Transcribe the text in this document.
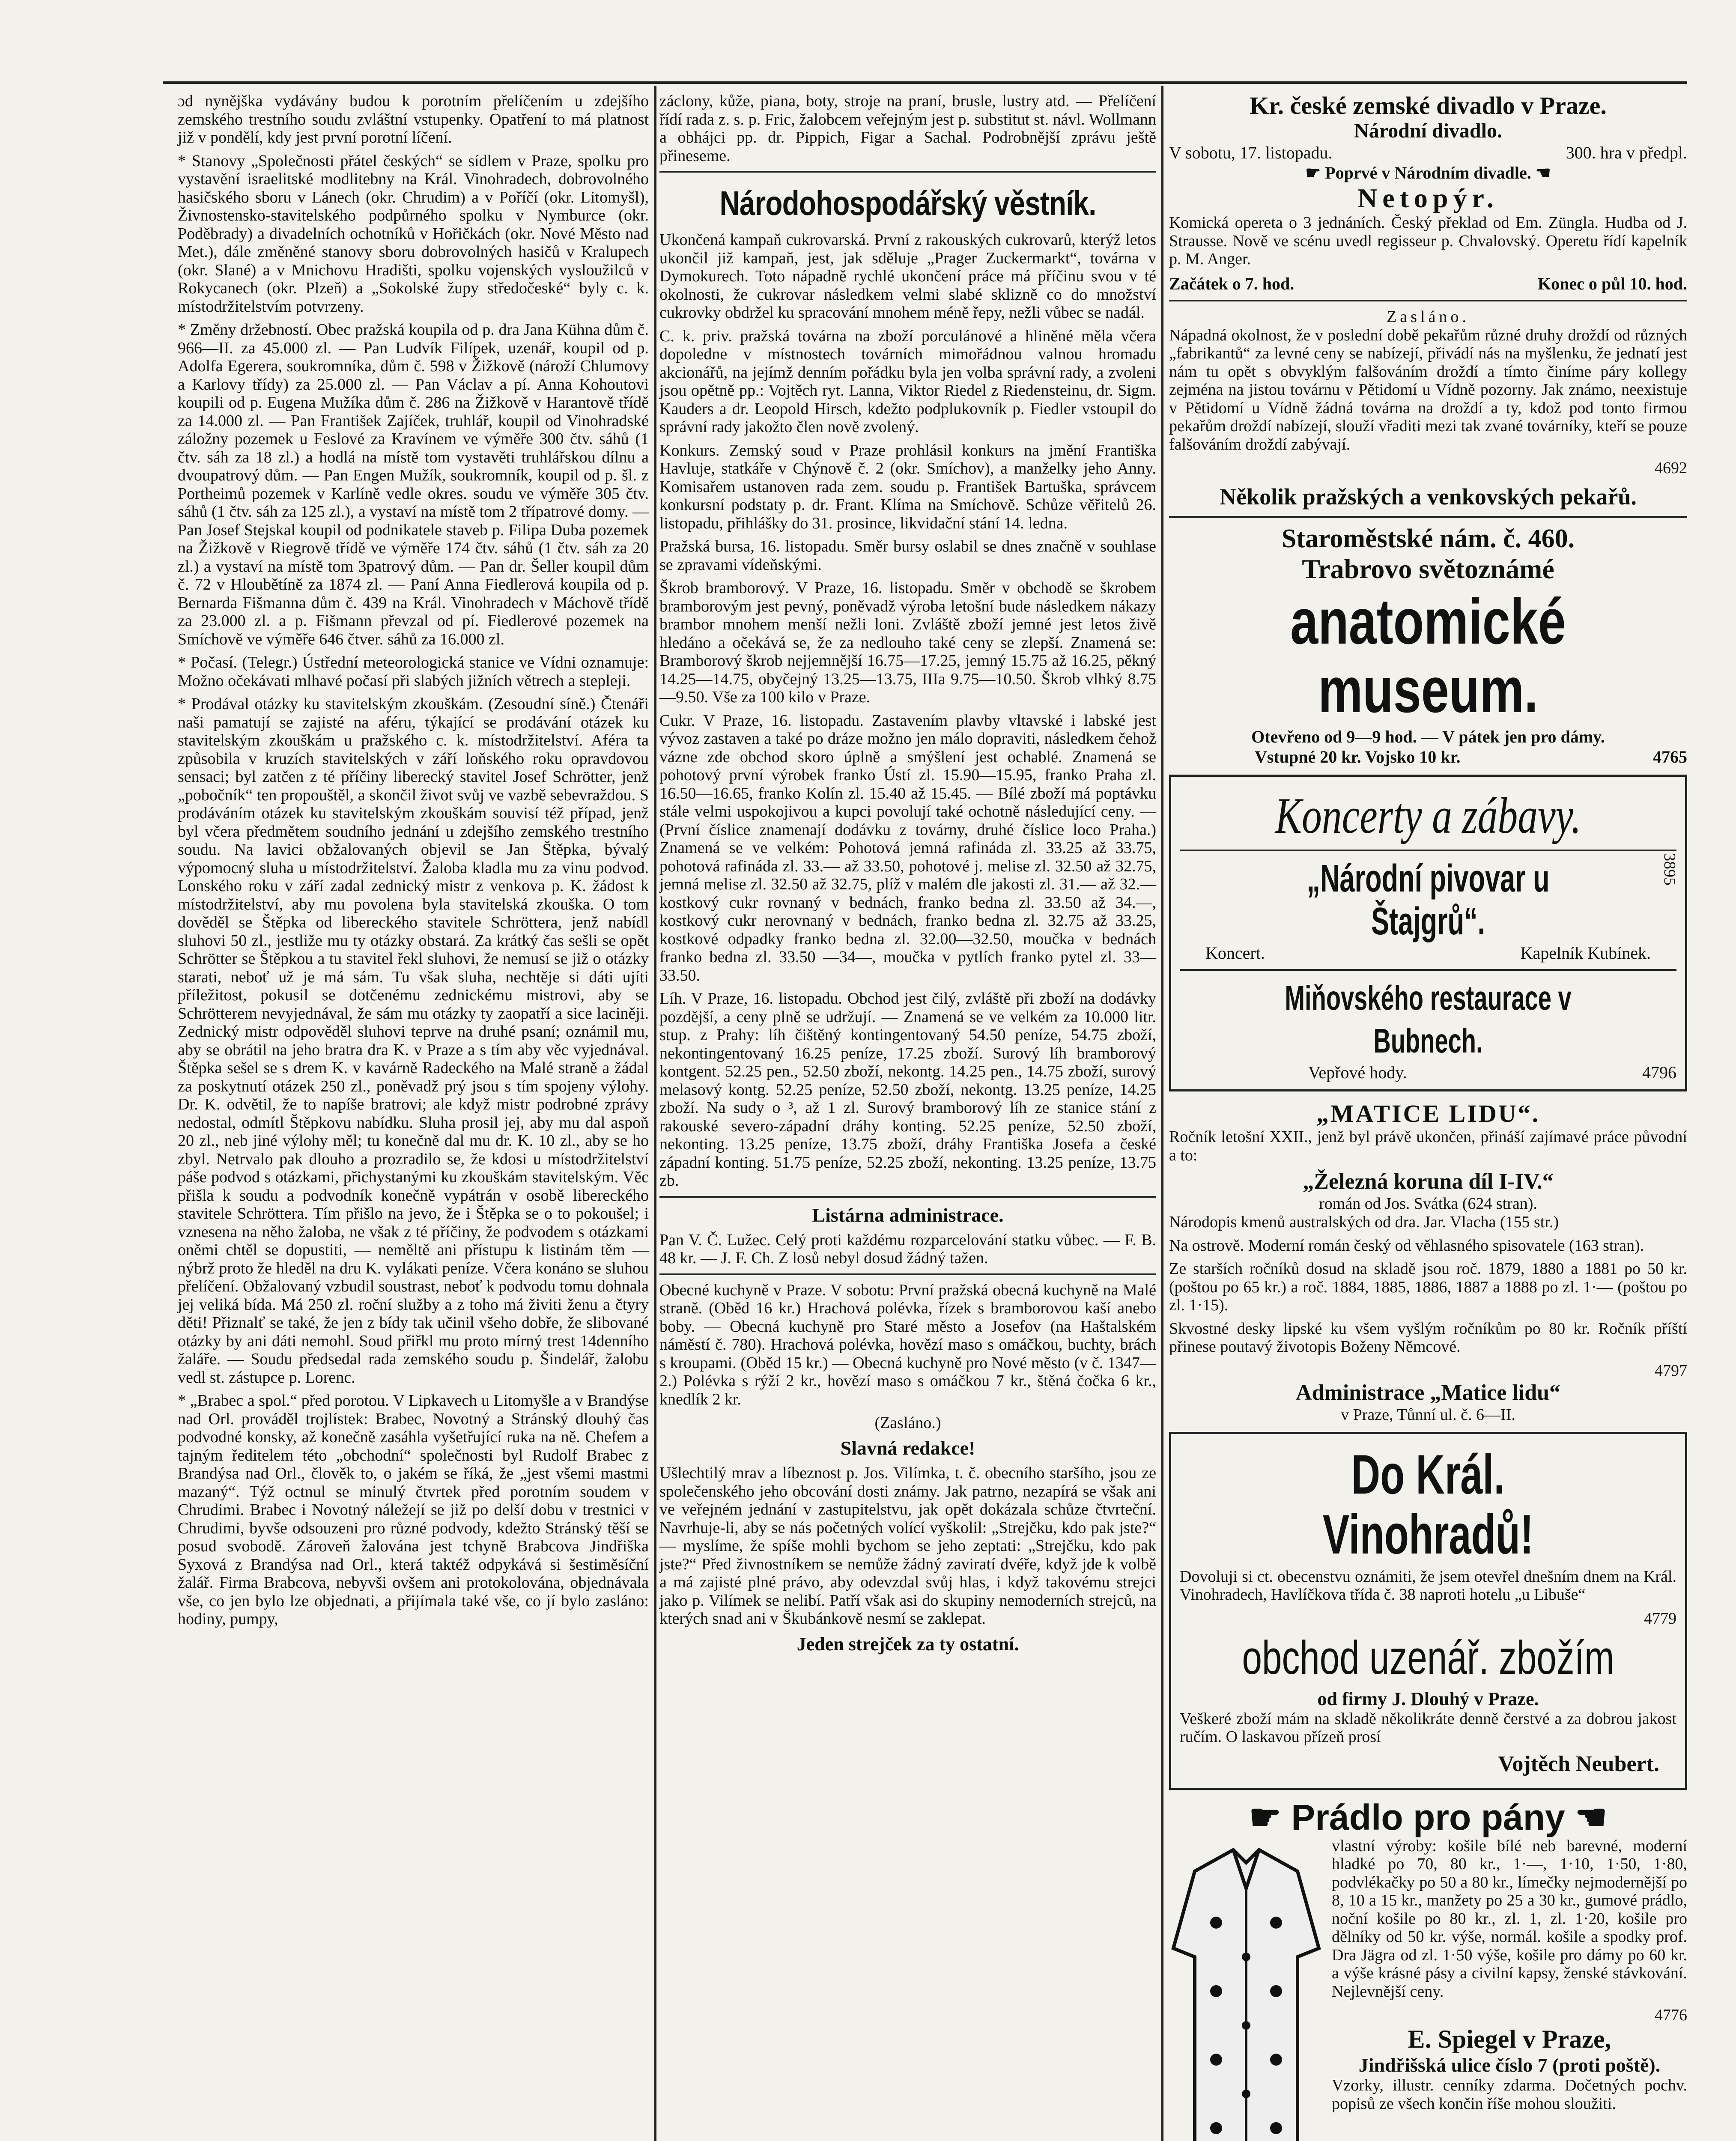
ɔd nynějška vydávány budou k porotním přelíčením u zdejšího zemského trestního soudu zvláštní vstupenky. Opatření to má platnost již v pondělí, kdy jest první porotní líčení.

* Stanovy „Společnosti přátel českých“ se sídlem v Praze, spolku pro vystavění israelitské modlitebny na Král. Vinohradech, dobrovolného hasičského sboru v Lánech (okr. Chrudim) a v Poříčí (okr. Litomyšl), Živnostensko-stavitelského podpůrného spolku v Nymburce (okr. Poděbrady) a divadelních ochotníků v Hořičkách (okr. Nové Město nad Met.), dále změněné stanovy sboru dobrovolných hasičů v Kralupech (okr. Slané) a v Mnichovu Hradišti, spolku vojenských vysloužilců v Rokycanech (okr. Plzeň) a „Sokolské župy středočeské“ byly c. k. místodržitelstvím potvrzeny.

* Změny držebností. Obec pražská koupila od p. dra Jana Kühna dům č. 966—II. za 45.000 zl. — Pan Ludvík Filípek, uzenář, koupil od p. Adolfa Egerera, soukromníka, dům č. 598 v Žižkově (nároží Chlumovy a Karlovy třídy) za 25.000 zl. — Pan Václav a pí. Anna Kohoutovi koupili od p. Eugena Mužíka dům č. 286 na Žižkově v Harantově třídě za 14.000 zl. — Pan František Zajíček, truhlář, koupil od Vinohradské záložny pozemek u Feslové za Kravínem ve výměře 300 čtv. sáhů (1 čtv. sáh za 18 zl.) a hodlá na místě tom vystavěti truhlářskou dílnu a dvoupatrový dům. — Pan Engen Mužík, soukromník, koupil od p. šl. z Portheimů pozemek v Karlíně vedle okres. soudu ve výměře 305 čtv. sáhů (1 čtv. sáh za 125 zl.), a vystaví na místě tom 2 třípatrové domy. — Pan Josef Stejskal koupil od podnikatele staveb p. Filipa Duba pozemek na Žižkově v Riegrově třídě ve výměře 174 čtv. sáhů (1 čtv. sáh za 20 zl.) a vystaví na místě tom 3patrový dům. — Pan dr. Šeller koupil dům č. 72 v Hloubětíně za 1874 zl. — Paní Anna Fiedlerová koupila od p. Bernarda Fišmanna dům č. 439 na Král. Vinohradech v Máchově třídě za 23.000 zl. a p. Fišmann převzal od pí. Fiedlerové pozemek na Smíchově ve výměře 646 čtver. sáhů za 16.000 zl.

* Počasí. (Telegr.) Ústřední meteorologická stanice ve Vídni oznamuje: Možno očekávati mlhavé počasí při slabých jižních větrech a stepleji.

* Prodával otázky ku stavitelským zkouškám. (Zesoudní síně.) Čtenáři naši pamatují se zajisté na aféru, týkající se prodávání otázek ku stavitelským zkouškám u pražského c. k. místodržitelství. Aféra ta způsobila v kruzích stavitelských v září loňského roku opravdovou sensaci; byl zatčen z té příčiny liberecký stavitel Josef Schrötter, jenž „pobočník“ ten propouštěl, a skončil život svůj ve vazbě sebevraždou. S prodáváním otázek ku stavitelským zkouškám souvisí též případ, jenž byl včera předmětem soudního jednání u zdejšího zemského trestního soudu. Na lavici obžalovaných objevil se Jan Štěpka, bývalý výpomocný sluha u místodržitelství. Žaloba kladla mu za vinu podvod. Lonského roku v září zadal zednický mistr z venkova p. K. žádost k místodržitelství, aby mu povolena byla stavitelská zkouška. O tom dověděl se Štěpka od libereckého stavitele Schröttera, jenž nabídl sluhovi 50 zl., jestliže mu ty otázky obstará. Za krátký čas sešli se opět Schrötter se Štěpkou a tu stavitel řekl sluhovi, že nemusí se již o otázky starati, neboť už je má sám. Tu však sluha, nechtěje si dáti ujíti příležitost, pokusil se dotčenému zednickému mistrovi, aby se Schrötterem nevyjednával, že sám mu otázky ty zaopatří a sice laciněji. Zednický mistr odpověděl sluhovi teprve na druhé psaní; oznámil mu, aby se obrátil na jeho bratra dra K. v Praze a s tím aby věc vyjednával. Štěpka sešel se s drem K. v kavárně Radeckého na Malé straně a žádal za poskytnutí otázek 250 zl., poněvadž prý jsou s tím spojeny výlohy. Dr. K. odvětil, že to napíše bratrovi; ale když mistr podrobné zprávy nedostal, odmítl Štěpkovu nabídku. Sluha prosil jej, aby mu dal aspoň 20 zl., neb jiné výlohy měl; tu konečně dal mu dr. K. 10 zl., aby se ho zbyl. Netrvalo pak dlouho a prozradilo se, že kdosi u místodržitelství páše podvod s otázkami, přichystanými ku zkouškám stavitelským. Věc přišla k soudu a podvodník konečně vypátrán v osobě libereckého stavitele Schröttera. Tím přišlo na jevo, že i Štěpka se o to pokoušel; i vznesena na něho žaloba, ne však z té příčiny, že podvodem s otázkami oněmi chtěl se dopustiti, — neměltě ani přístupu k listinám těm — nýbrž proto že hleděl na dru K. vylákati peníze. Včera konáno se sluhou přelíčení. Obžalovaný vzbudil soustrast, neboť k podvodu tomu dohnala jej veliká bída. Má 250 zl. roční služby a z toho má živiti ženu a čtyry děti! Přiznalť se také, že jen z bídy tak učinil všeho dobře, že slibované otázky by ani dáti nemohl. Soud přiřkl mu proto mírný trest 14denního žaláře. — Soudu předsedal rada zemského soudu p. Šindelář, žalobu vedl st. zástupce p. Lorenc.

* „Brabec a spol.“ před porotou. V Lipkavech u Litomyšle a v Brandýse nad Orl. prováděl trojlístek: Brabec, Novotný a Stránský dlouhý čas podvodné konsky, až konečně zasáhla vyšetřující ruka na ně. Chefem a tajným ředitelem této „obchodní“ společnosti byl Rudolf Brabec z Brandýsa nad Orl., člověk to, o jakém se říká, že „jest všemi mastmi mazaný“. Týž octnul se minulý čtvrtek před porotním soudem v Chrudimi. Brabec i Novotný náležejí se již po delší dobu v trestnici v Chrudimi, byvše odsouzeni pro různé podvody, kdežto Stránský těší se posud svobodě. Zároveň žalována jest tchyně Brabcova Jindřiška Syxová z Brandýsa nad Orl., která taktéž odpykává si šestiměsíční žalář. Firma Brabcova, nebyvši ovšem ani protokolována, objednávala vše, co jen bylo lze objednati, a přijímala také vše, co jí bylo zasláno: hodiny, pumpy,

záclony, kůže, piana, boty, stroje na praní, brusle, lustry atd. — Přelíčení řídí rada z. s. p. Fric, žalobcem veřejným jest p. substitut st. návl. Wollmann a obhájci pp. dr. Pippich, Figar a Sachal. Podrobnější zprávu ještě přineseme.

Národohospodářský věstník.

Ukončená kampaň cukrovarská. První z rakouských cukrovarů, kterýž letos ukončil již kampaň, jest, jak sděluje „Prager Zuckermarkt“, továrna v Dymokurech. Toto nápadně rychlé ukončení práce má příčinu svou v té okolnosti, že cukrovar následkem velmi slabé sklizně co do množství cukrovky obdržel ku spracování mnohem méně řepy, nežli vůbec se nadál.

C. k. priv. pražská továrna na zboží porculánové a hliněné měla včera dopoledne v místnostech továrních mimořádnou valnou hromadu akcionářů, na jejímž denním pořádku byla jen volba správní rady, a zvoleni jsou opětně pp.: Vojtěch ryt. Lanna, Viktor Riedel z Riedensteinu, dr. Sigm. Kauders a dr. Leopold Hirsch, kdežto podplukovník p. Fiedler vstoupil do správní rady jakožto člen nově zvolený.

Konkurs. Zemský soud v Praze prohlásil konkurs na jmění Františka Havluje, statkáře v Chýnově č. 2 (okr. Smíchov), a manželky jeho Anny. Komisařem ustanoven rada zem. soudu p. František Bartuška, správcem konkursní podstaty p. dr. Frant. Klíma na Smíchově. Schůze věřitelů 26. listopadu, přihlášky do 31. prosince, likvidační stání 14. ledna.

Pražská bursa, 16. listopadu. Směr bursy oslabil se dnes značně v souhlase se zpravami vídeňskými.

Škrob bramborový. V Praze, 16. listopadu. Směr v obchodě se škrobem bramborovým jest pevný, poněvadž výroba letošní bude následkem nákazy brambor mnohem menší nežli loni. Zvláště zboží jemné jest letos živě hledáno a očekává se, že za nedlouho také ceny se zlepší. Znamená se: Bramborový škrob nejjemnější 16.75—17.25, jemný 15.75 až 16.25, pěkný 14.25—14.75, obyčejný 13.25—13.75, IIIa 9.75—10.50. Škrob vlhký 8.75—9.50. Vše za 100 kilo v Praze.

Cukr. V Praze, 16. listopadu. Zastavením plavby vltavské i labské jest vývoz zastaven a také po dráze možno jen málo dopraviti, následkem čehož vázne zde obchod skoro úplně a smýšlení jest ochablé. Znamená se pohotový první výrobek franko Ústí zl. 15.90—15.95, franko Praha zl. 16.50—16.65, franko Kolín zl. 15.40 až 15.45. — Bílé zboží má poptávku stále velmi uspokojivou a kupci povolují také ochotně následující ceny. — (První číslice znamenají dodávku z továrny, druhé číslice loco Praha.) Znamená se ve velkém: Pohotová jemná rafináda zl. 33.25 až 33.75, pohotová rafináda zl. 33.— až 33.50, pohotové j. melise zl. 32.50 až 32.75, jemná melise zl. 32.50 až 32.75, plíž v malém dle jakosti zl. 31.— až 32.— kostkový cukr rovnaný v bednách, franko bedna zl. 33.50 až 34.—, kostkový cukr nerovnaný v bednách, franko bedna zl. 32.75 až 33.25, kostkové odpadky franko bedna zl. 32.00—32.50, moučka v bednách franko bedna zl. 33.50 —34—, moučka v pytlích franko pytel zl. 33—33.50.

Líh. V Praze, 16. listopadu. Obchod jest čilý, zvláště při zboží na dodávky pozdější, a ceny plně se udržují. — Znamená se ve velkém za 10.000 litr. stup. z Prahy: líh čištěný kontingentovaný 54.50 peníze, 54.75 zboží, nekontingentovaný 16.25 peníze, 17.25 zboží. Surový líh bramborový kontgent. 52.25 pen., 52.50 zboží, nekontg. 14.25 pen., 14.75 zboží, surový melasový kontg. 52.25 peníze, 52.50 zboží, nekontg. 13.25 peníze, 14.25 zboží. Na sudy o ³, až 1 zl. Surový bramborový líh ze stanice stání z rakouské severo-západní dráhy konting. 52.25 peníze, 52.50 zboží, nekonting. 13.25 peníze, 13.75 zboží, dráhy Františka Josefa a české západní konting. 51.75 peníze, 52.25 zboží, nekonting. 13.25 peníze, 13.75 zb.

Listárna administrace.

Pan V. Č. Lužec. Celý proti každému rozparcelování statku vůbec. — F. B. 48 kr. — J. F. Ch. Z losů nebyl dosud žádný tažen.

Obecné kuchyně v Praze. V sobotu: První pražská obecná kuchyně na Malé straně. (Oběd 16 kr.) Hrachová polévka, řízek s bramborovou kaší anebo boby. — Obecná kuchyně pro Staré město a Josefov (na Haštalském náměstí č. 780). Hrachová polévka, hovězí maso s omáčkou, buchty, brách s kroupami. (Oběd 15 kr.) — Obecná kuchyně pro Nové město (v č. 1347—2.) Polévka s rýží 2 kr., hovězí maso s omáčkou 7 kr., štěná čočka 6 kr., knedlík 2 kr.

(Zasláno.)
Slavná redakce!

Ušlechtilý mrav a líbeznost p. Jos. Vilímka, t. č. obecního staršího, jsou ze společenského jeho obcování dosti známy. Jak patrno, nezapírá se však ani ve veřejném jednání v zastupitelstvu, jak opět dokázala schůze čtvrteční. Navrhuje-li, aby se nás početných volící vyškolil: „Strejčku, kdo pak jste?“ — myslíme, že spíše mohli bychom se jeho zeptati: „Strejčku, kdo pak jste?“ Před živnostníkem se nemůže žádný zaviratí dvéře, když jde k volbě a má zajisté plné právo, aby odevzdal svůj hlas, i když takovému strejci jako p. Vilímek se nelibí. Patří však asi do skupiny nemoderních strejců, na kterých snad ani v Škubánkově nesmí se zaklepat.

Jeden strejček za ty ostatní.
Kr. české zemské divadlo v Praze.
Národní divadlo.
V sobotu, 17. listopadu.	300. hra v předpl.
☛ Poprvé v Národním divadle. ☚
Netopýr.

Komická opereta o 3 jednáních. Český překlad od Em. Züngla. Hudba od J. Strausse. Nově ve scénu uvedl regisseur p. Chvalovský. Operetu řídí kapelník p. M. Anger.

Začátek o 7. hod.	Konec o půl 10. hod.
Zasláno.

Nápadná okolnost, že v poslední době pekařům různé druhy droždí od různých „fabrikantů“ za levné ceny se nabízejí, přivádí nás na myšlenku, že jednatí jest nám tu opět s obvyklým falšováním droždí a tímto činíme páry kollegy zejména na jistou továrnu v Pětidomí u Vídně pozorny. Jak známo, neexistuje v Pětidomí u Vídně žádná továrna na droždí a ty, kdož pod tonto firmou pekařům droždí nabízejí, slouží vřaditi mezi tak zvané továrníky, kteří se pouze falšováním droždí zabývají.

4692
Několik pražských a venkovských pekařů.
Staroměstské nám. č. 460.
Trabrovo světoznámé
anatomické museum.
Otevřeno od 9—9 hod. — V pátek jen pro dámy.
Vstupné 20 kr. Vojsko 10 kr.	4765
Koncerty a zábavy.
„Národní pivovar u Štajgrů“.
3895
Koncert.	Kapelník Kubínek.
Miňovského restaurace v Bubnech.
Vepřové hody.	4796
„MATICE LIDU“.

Ročník letošní XXII., jenž byl právě ukončen, přináší zajímavé práce původní a to:

„Železná koruna díl I-IV.“
román od Jos. Svátka (624 stran).

Národopis kmenů australských od dra. Jar. Vlacha (155 str.)

Na ostrově. Moderní román český od věhlasného spisovatele (163 stran).

Ze starších ročníků dosud na skladě jsou roč. 1879, 1880 a 1881 po 50 kr. (poštou po 65 kr.) a roč. 1884, 1885, 1886, 1887 a 1888 po zl. 1·— (poštou po zl. 1·15).

Skvostné desky lipské ku všem vyšlým ročníkům po 80 kr. Ročník příští přinese poutavý životopis Boženy Němcové.

4797
Administrace „Matice lidu“
v Praze, Tůnní ul. č. 6—II.
Do Král. Vinohradů!

Dovoluji si ct. obecenstvu oznámiti, že jsem otevřel dnešním dnem na Král. Vinohradech, Havlíčkova třída č. 38 naproti hotelu „u Libuše“

4779
obchod uzenář. zbožím
od firmy J. Dlouhý v Praze.

Veškeré zboží mám na skladě několikráte denně čerstvé a za dobrou jakost ručím. O laskavou přízeň prosí

Vojtěch Neubert.
☛ Prádlo pro pány ☚

vlastní výroby: košile bílé neb barevné, moderní hladké po 70, 80 kr., 1·—, 1·10, 1·50, 1·80, podvlékačky po 50 a 80 kr., límečky nejmodernější po 8, 10 a 15 kr., manžety po 25 a 30 kr., gumové prádlo, noční košile po 80 kr., zl. 1, zl. 1·20, košile pro dělníky od 50 kr. výše, normál. košile a spodky prof. Dra Jägra od zl. 1·50 výše, košile pro dámy po 60 kr. a výše krásné pásy a civilní kapsy, ženské stávkování. Nejlevnější ceny.

4776
E. Spiegel v Praze,
Jindřišská ulice číslo 7 (proti poště).

Vzorky, illustr. cenníky zdarma. Dočetných pochv. popisů ze všech končin říše mohou sloužiti.
